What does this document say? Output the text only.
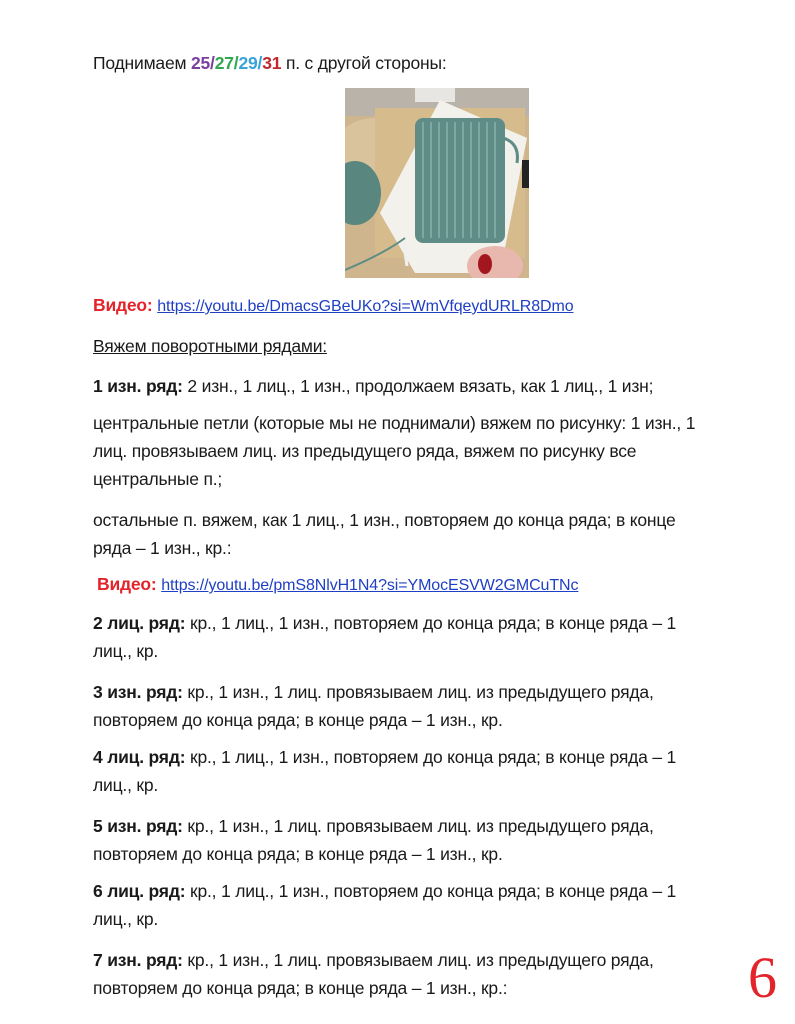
Поднимаем 25/27/29/31 п. с другой стороны:
Видео: https://youtu.be/DmacsGBeUKo?si=WmVfqeydURLR8Dmo
Вяжем поворотными рядами:
1 изн. ряд: 2 изн., 1 лиц., 1 изн., продолжаем вязать, как 1 лиц., 1 изн;
центральные петли (которые мы не поднимали) вяжем по рисунку: 1 изн., 1
лиц. провязываем лиц. из предыдущего ряда, вяжем по рисунку все
центральные п.;
остальные п. вяжем, как 1 лиц., 1 изн., повторяем до конца ряда; в конце
ряда – 1 изн., кр.:
Видео: https://youtu.be/pmS8NlvH1N4?si=YMocESVW2GMCuTNc
2 лиц. ряд: кр., 1 лиц., 1 изн., повторяем до конца ряда; в конце ряда – 1
лиц., кр.
3 изн. ряд: кр., 1 изн., 1 лиц. провязываем лиц. из предыдущего ряда,
повторяем до конца ряда; в конце ряда – 1 изн., кр.
4 лиц. ряд: кр., 1 лиц., 1 изн., повторяем до конца ряда; в конце ряда – 1
лиц., кр.
5 изн. ряд: кр., 1 изн., 1 лиц. провязываем лиц. из предыдущего ряда,
повторяем до конца ряда; в конце ряда – 1 изн., кр.
6 лиц. ряд: кр., 1 лиц., 1 изн., повторяем до конца ряда; в конце ряда – 1
лиц., кр.
7 изн. ряд: кр., 1 изн., 1 лиц. провязываем лиц. из предыдущего ряда,
повторяем до конца ряда; в конце ряда – 1 изн., кр.:	6
